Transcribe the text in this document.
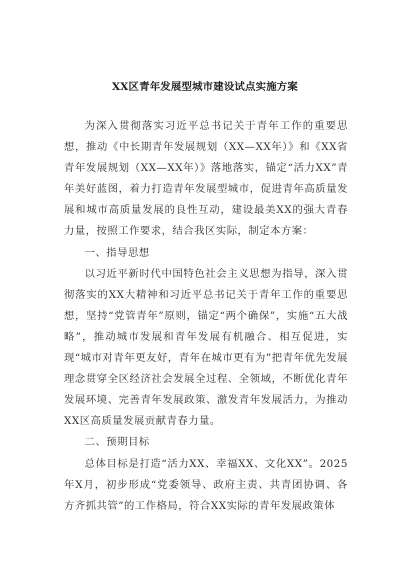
XX区青年发展型城市建设试点实施方案

为深入贯彻落实习近平总书记关于青年工作的重要思想，推动《中长期青年发展规划（XX—XX年）》和《XX省青年发展规划（XX—XX年）》落地落实，锚定“活力XX”青年美好蓝图，着力打造青年发展型城市，促进青年高质量发展和城市高质量发展的良性互动，建设最美XX的强大青春力量，按照工作要求，结合我区实际，制定本方案：

一、指导思想

以习近平新时代中国特色社会主义思想为指导，深入贯彻落实的XX大精神和习近平总书记关于青年工作的重要思想，坚持“党管青年”原则，锚定“两个确保”，实施“五大战略”，推动城市发展和青年发展有机融合、相互促进，实现“城市对青年更友好，青年在城市更有为”把青年优先发展理念贯穿全区经济社会发展全过程、全领域，不断优化青年发展环境、完善青年发展政策、激发青年发展活力，为推动XX区高质量发展贡献青春力量。

二、预期目标

总体目标是打造“活力XX、幸福XX、文化XX”。2025年X月，初步形成“党委领导、政府主责、共青团协调、各方齐抓共管”的工作格局，符合XX实际的青年发展政策体
